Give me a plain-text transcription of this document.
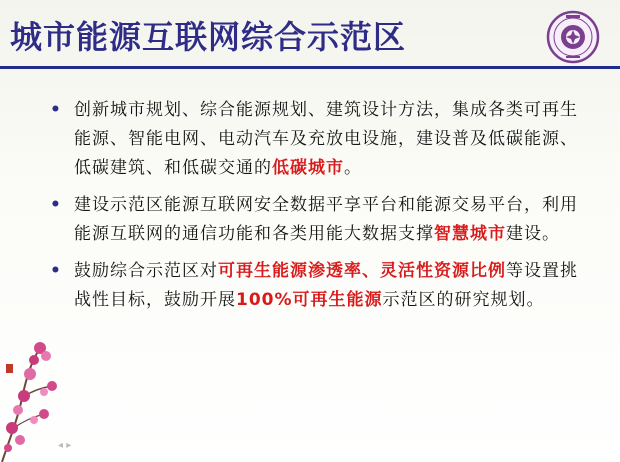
城市能源互联网综合示范区
• 创新城市规划、综合能源规划、建筑设计方法，集成各类可再生能源、智能电网、电动汽车及充放电设施，建设普及低碳能源、低碳建筑、和低碳交通的低碳城市。
• 建设示范区能源互联网安全数据平享平台和能源交易平台，利用能源互联网的通信功能和各类用能大数据支撑智慧城市建设。
• 鼓励综合示范区对可再生能源渗透率、灵活性资源比例等设置挑战性目标，鼓励开展100%可再生能源示范区的研究规划。
◂ ▸
